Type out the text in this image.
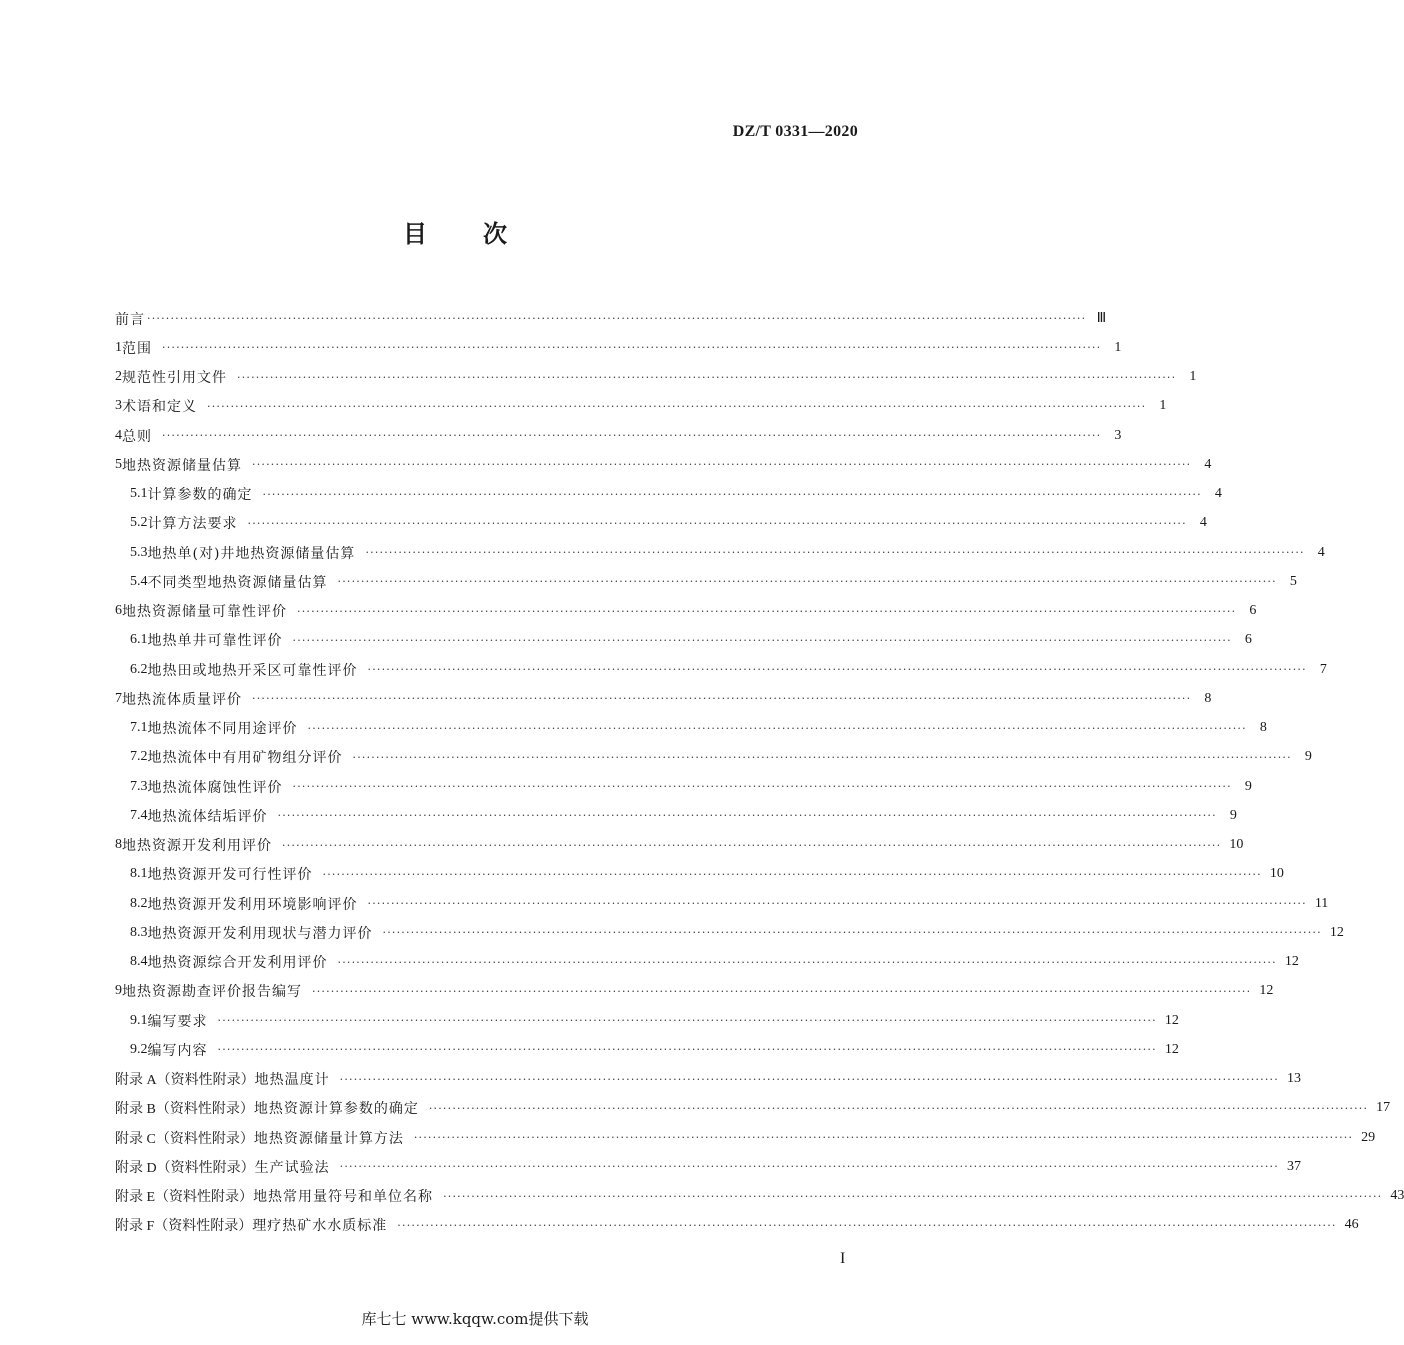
DZ/T 0331—2020
目次
前言 ········································································································································································································ Ⅲ
1 范围 ········································································································································································································ 1
2 规范性引用文件 ········································································································································································································ 1
3 术语和定义 ········································································································································································································ 1
4 总则 ········································································································································································································ 3
5 地热资源储量估算 ········································································································································································································ 4
5.1 计算参数的确定 ········································································································································································································ 4
5.2 计算方法要求 ········································································································································································································ 4
5.3 地热单(对)井地热资源储量估算 ········································································································································································································ 4
5.4 不同类型地热资源储量估算 ········································································································································································································ 5
6 地热资源储量可靠性评价 ········································································································································································································ 6
6.1 地热单井可靠性评价 ········································································································································································································ 6
6.2 地热田或地热开采区可靠性评价 ········································································································································································································ 7
7 地热流体质量评价 ········································································································································································································ 8
7.1 地热流体不同用途评价 ········································································································································································································ 8
7.2 地热流体中有用矿物组分评价 ········································································································································································································ 9
7.3 地热流体腐蚀性评价 ········································································································································································································ 9
7.4 地热流体结垢评价 ········································································································································································································ 9
8 地热资源开发利用评价 ········································································································································································································ 10
8.1 地热资源开发可行性评价 ········································································································································································································ 10
8.2 地热资源开发利用环境影响评价 ········································································································································································································ 11
8.3 地热资源开发利用现状与潜力评价 ········································································································································································································ 12
8.4 地热资源综合开发利用评价 ········································································································································································································ 12
9 地热资源勘查评价报告编写 ········································································································································································································ 12
9.1 编写要求 ········································································································································································································ 12
9.2 编写内容 ········································································································································································································ 12
附录 A（资料性附录） 地热温度计 ········································································································································································································ 13
附录 B（资料性附录） 地热资源计算参数的确定 ········································································································································································································ 17
附录 C（资料性附录） 地热资源储量计算方法 ········································································································································································································ 29
附录 D（资料性附录） 生产试验法 ········································································································································································································ 37
附录 E（资料性附录） 地热常用量符号和单位名称 ········································································································································································································ 43
附录 F（资料性附录） 理疗热矿水水质标准 ········································································································································································································ 46
I
库七七 www.kqqw.com提供下载
